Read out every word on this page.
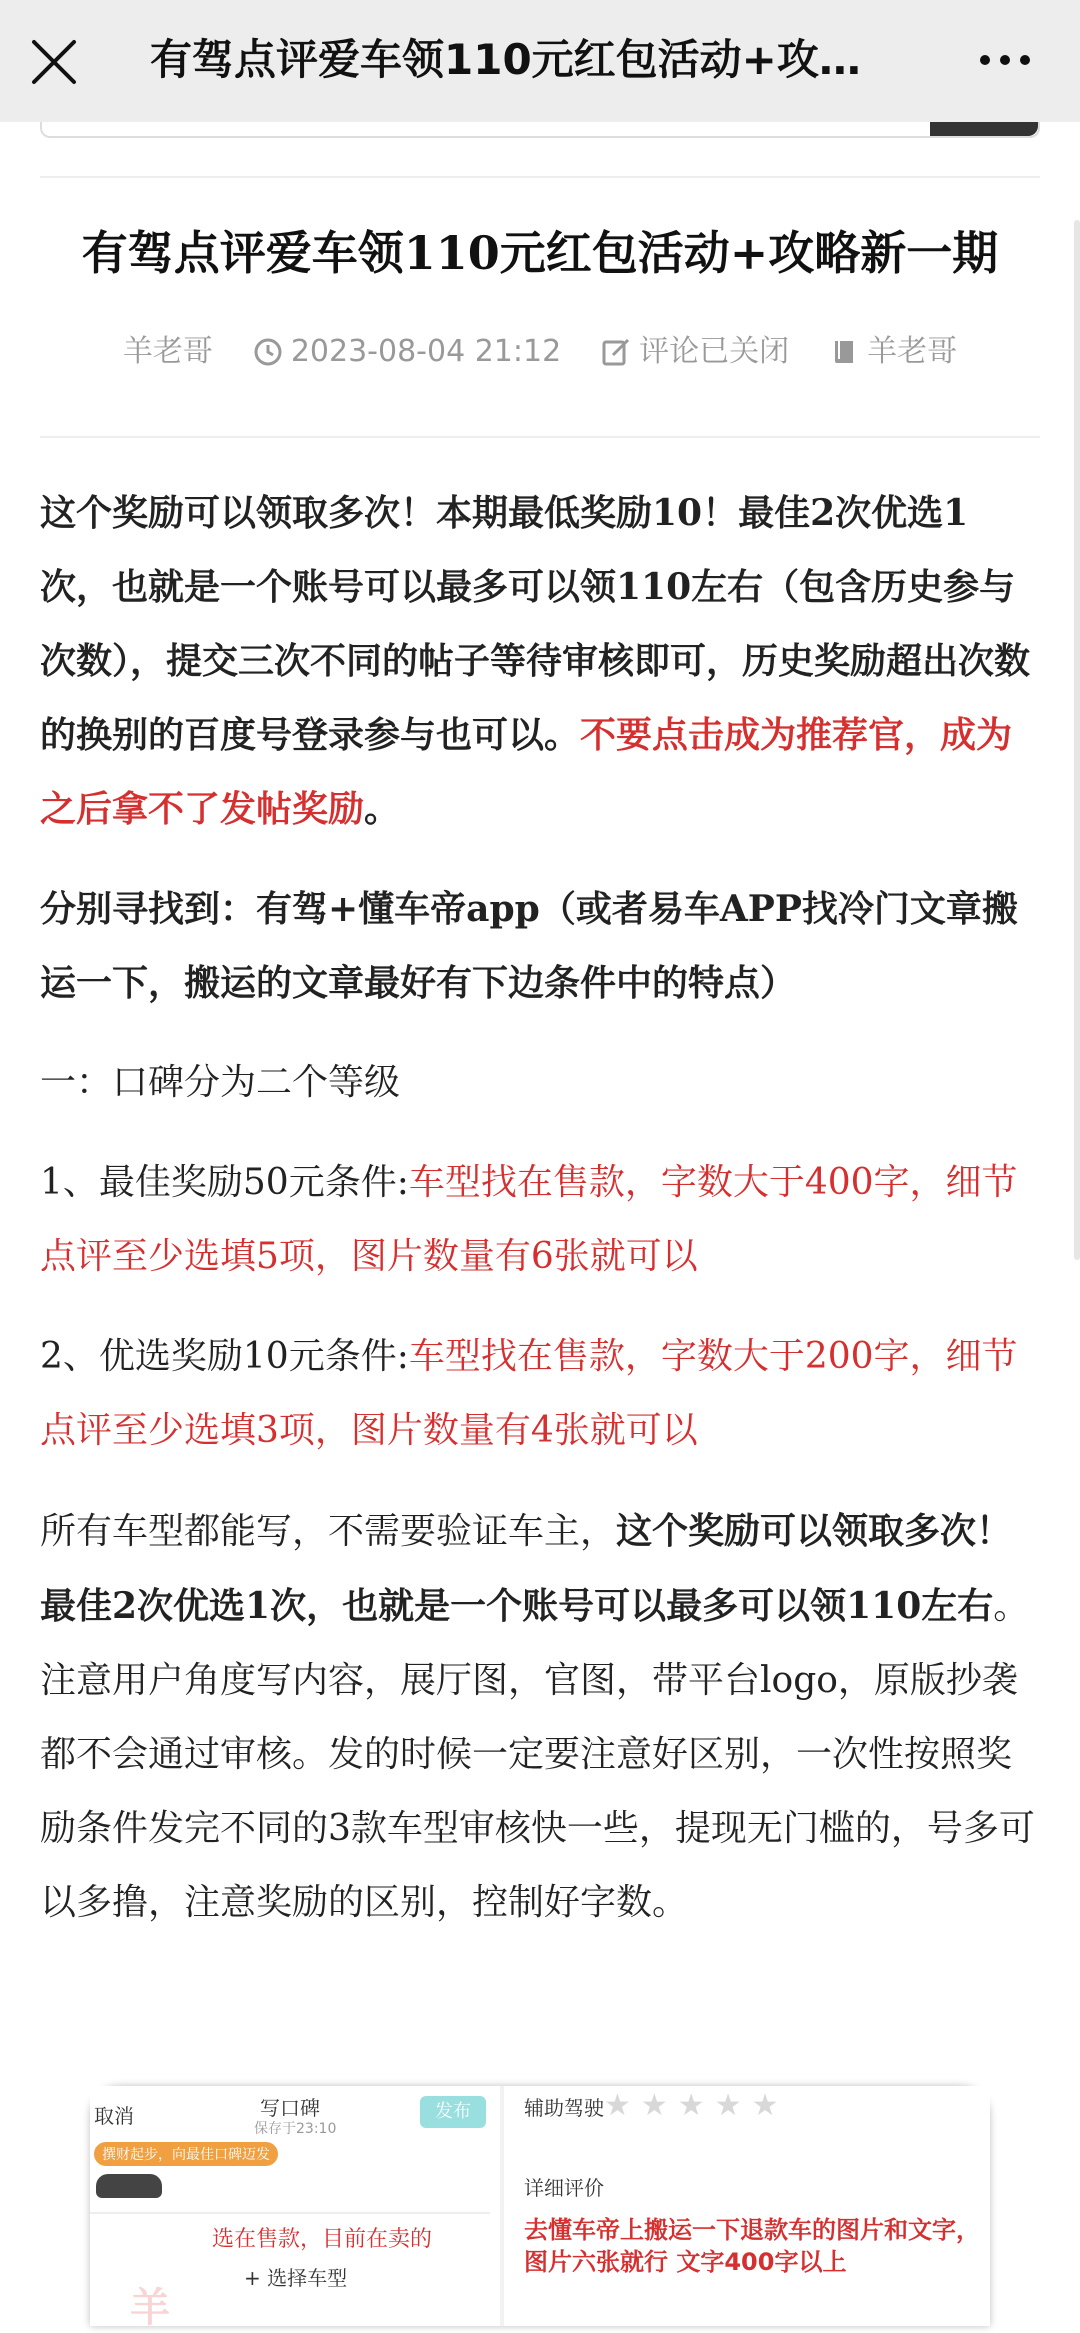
有驾点评爱车领110元红包活动+攻…
有驾点评爱车领110元红包活动+攻略新一期
羊老哥	2023-08-04 21:12	评论已关闭	羊老哥

这个奖励可以领取多次！本期最低奖励10！最佳2次优选1次，也就是一个账号可以最多可以领110左右（包含历史参与次数），提交三次不同的帖子等待审核即可，历史奖励超出次数的换别的百度号登录参与也可以。不要点击成为推荐官，成为之后拿不了发帖奖励。

分别寻找到：有驾+懂车帝app（或者易车APP找冷门文章搬运一下，搬运的文章最好有下边条件中的特点）

一：口碑分为二个等级

1、最佳奖励50元条件:车型找在售款，字数大于400字，细节点评至少选填5项，图片数量有6张就可以

2、优选奖励10元条件:车型找在售款，字数大于200字，细节点评至少选填3项，图片数量有4张就可以

所有车型都能写，不需要验证车主，这个奖励可以领取多次！最佳2次优选1次，也就是一个账号可以最多可以领110左右。注意用户角度写内容，展厅图，官图，带平台logo，原版抄袭都不会通过审核。发的时候一定要注意好区别，一次性按照奖励条件发完不同的3款车型审核快一些，提现无门槛的，号多可以多撸，注意奖励的区别，控制好字数。

取消	写口碑
保存于23:10
发布
撰财起步，向最佳口碑迈发
选在售款，目前在卖的
+ 选择车型
羊
辅助驾驶 ★★★★★
详细评价
去懂车帝上搬运一下退款车的图片和文字，图片六张就行 文字400字以上
